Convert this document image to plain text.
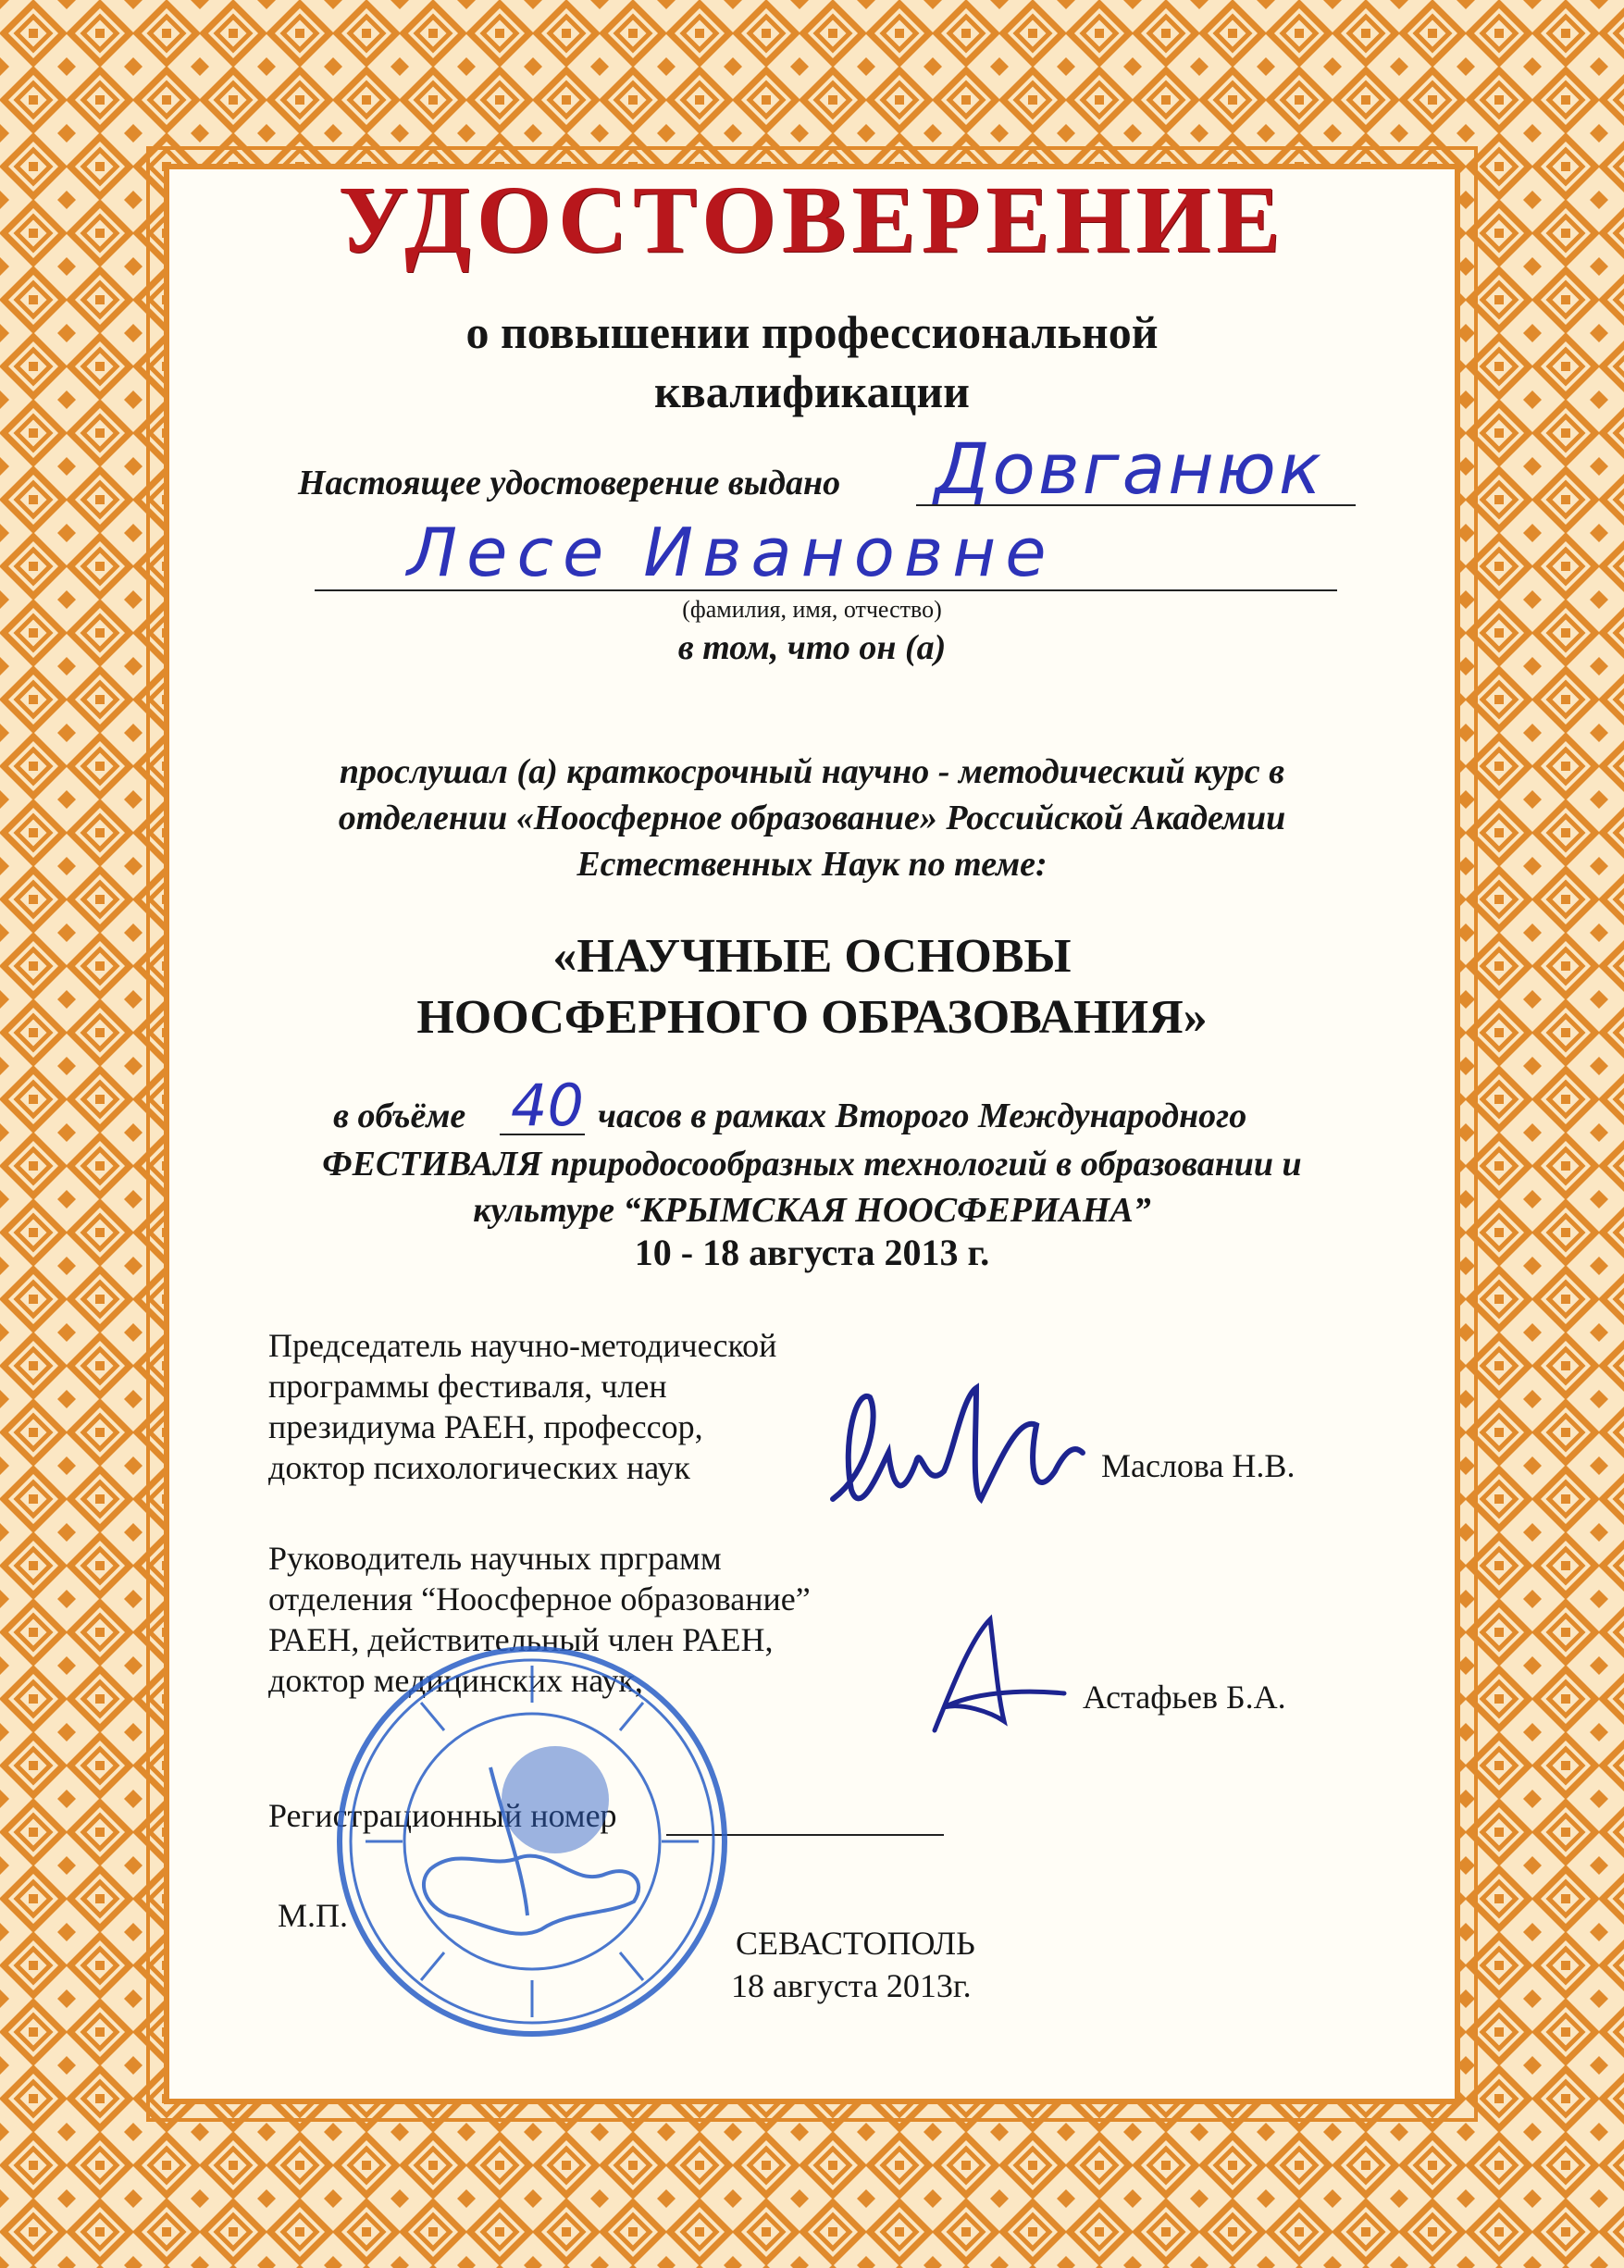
УДОСТОВЕРЕНИЕ
о повышении профессиональной
квалификации
Настоящее удостоверение выдано Довганюк
Лесе Ивановне
(фамилия, имя, отчество)
в том, что он (а)
прослушал (а) краткосрочный научно - методический курс в
отделении «Ноосферное образование» Российской Академии
Естественных Наук по теме:
«НАУЧНЫЕ ОСНОВЫ
НООСФЕРНОГО ОБРАЗОВАНИЯ»
в объёме 40 часов в рамках Второго Международного
ФЕСТИВАЛЯ природосообразных технологий в образовании и
культуре “КРЫМСКАЯ НООСФЕРИАНА”
10 - 18 августа 2013 г.
Председатель научно-методической
программы фестиваля, член
президиума РАЕН, профессор,
доктор психологических наук	Маслова Н.В.
Руководитель научных прграмм
отделения “Ноосферное образование”
РАЕН, действительный член РАЕН,
доктор медицинских наук,	Астафьев Б.А.
Регистрационный номер
М.П.
СЕВАСТОПОЛЬ
18 августа 2013г.
